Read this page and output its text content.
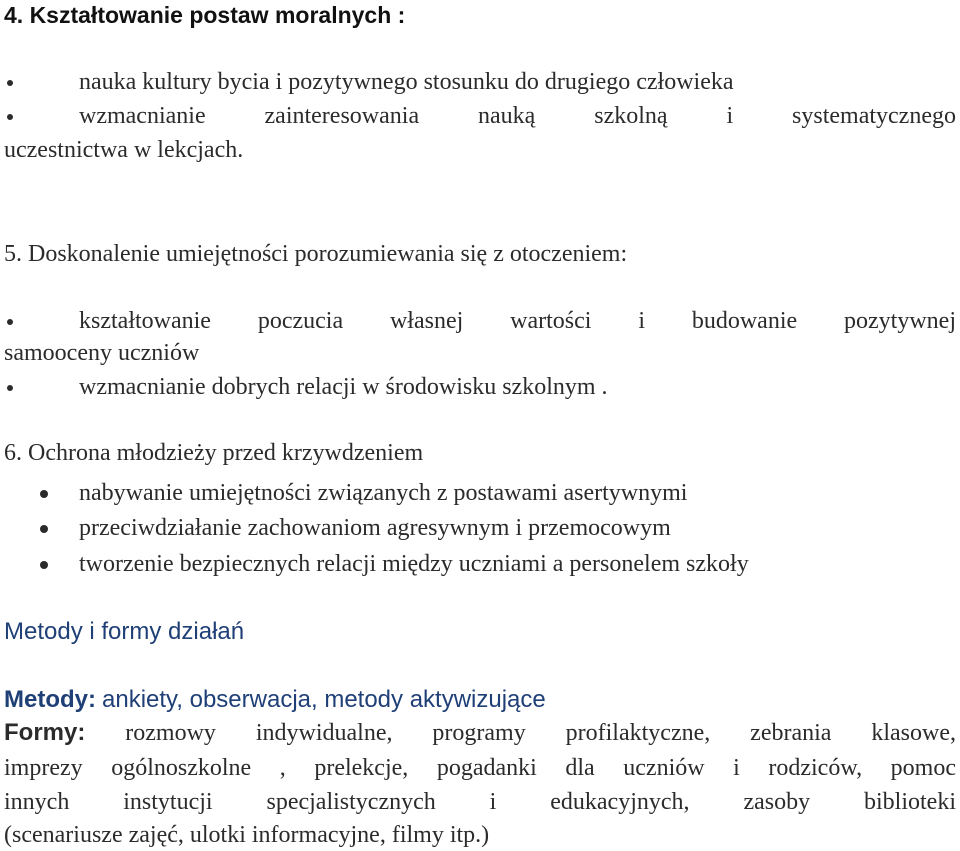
4. Kształtowanie postaw moralnych :
nauka kultury bycia i pozytywnego stosunku do drugiego człowieka
wzmacnianie zainteresowania nauką szkolną i systematycznego
uczestnictwa w lekcjach.
5. Doskonalenie umiejętności porozumiewania się z otoczeniem:
kształtowanie poczucia własnej wartości i budowanie pozytywnej
samooceny uczniów
wzmacnianie dobrych relacji w środowisku szkolnym .
6. Ochrona młodzieży przed krzywdzeniem
nabywanie umiejętności związanych z postawami asertywnymi
przeciwdziałanie zachowaniom agresywnym i przemocowym
tworzenie bezpiecznych relacji między uczniami a personelem szkoły
Metody i formy działań
Metody: ankiety, obserwacja, metody aktywizujące
Formy: rozmowy indywidualne, programy profilaktyczne, zebrania klasowe,
imprezy ogólnoszkolne , prelekcje, pogadanki dla uczniów i rodziców, pomoc
innych instytucji specjalistycznych i edukacyjnych, zasoby biblioteki
(scenariusze zajęć, ulotki informacyjne, filmy itp.)
